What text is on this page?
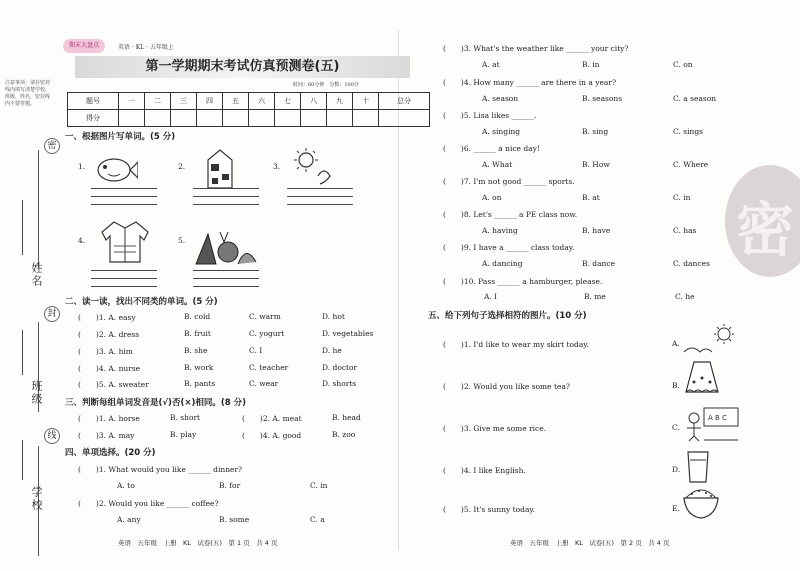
注意事项：请在密封线内填写清楚学校、班级、姓名，密封线内不要答题。
密
封
线
姓名
班级
学校
期末大盘点	英语 · KL · 五年级上
第一学期期末考试仿真预测卷(五)
时间：60分钟　分数：100分
题号	一	二	三	四	五	六	七	八	九	十	总分
得分											
一、根据图片写单词。(5 分)
1.	2.	3.
4.	5.
二、读一读，找出不同类的单词。(5 分)
(　　)1. A. easy	B. cold	C. warm	D. hot
(　　)2. A. dress	B. fruit	C. yogurt	D. vegetables
(　　)3. A. him	B. she	C. I	D. he
(　　)4. A. nurse	B. work	C. teacher	D. doctor
(　　)5. A. sweater	B. pants	C. wear	D. shorts
三、判断每组单词发音是(√)否(×)相同。(8 分)
(　　)1. A. horse	B. short	(　　)2. A. meat	B. head
(　　)3. A. may	B. play	(　　)4. A. good	B. zoo
四、单项选择。(20 分)
(　　)1. What would you like ______ dinner?
A. to	B. for	C. in
(　　)2. Would you like ______ coffee?
A. any	B. some	C. a
英语　五年级　上册　KL　试卷(五)　第 1 页　共 4 页
(　　)3. What's the weather like ______ your city?
A. at	B. in	C. on
(　　)4. How many ______ are there in a year?
A. season	B. seasons	C. a season
(　　)5. Lisa likes ______.
A. singing	B. sing	C. sings
(　　)6. ______ a nice day!
A. What	B. How	C. Where
(　　)7. I'm not good ______ sports.
A. on	B. at	C. in
(　　)8. Let's ______ a PE class now.
A. having	B. have	C. has
(　　)9. I have a ______ class today.
A. dancing	B. dance	C. dances
(　　)10. Pass ______ a hamburger, please.
A. I	B. me	C. he
密
五、给下列句子选择相符的图片。(10 分)
(　　)1. I'd like to wear my skirt today.	A.
(　　)2. Would you like some tea?	B.
(　　)3. Give me some rice.	C.
A B C
(　　)4. I like English.	D.
(　　)5. It's sunny today.	E.
英语　五年级　上册　KL　试卷(五)　第 2 页　共 4 页
